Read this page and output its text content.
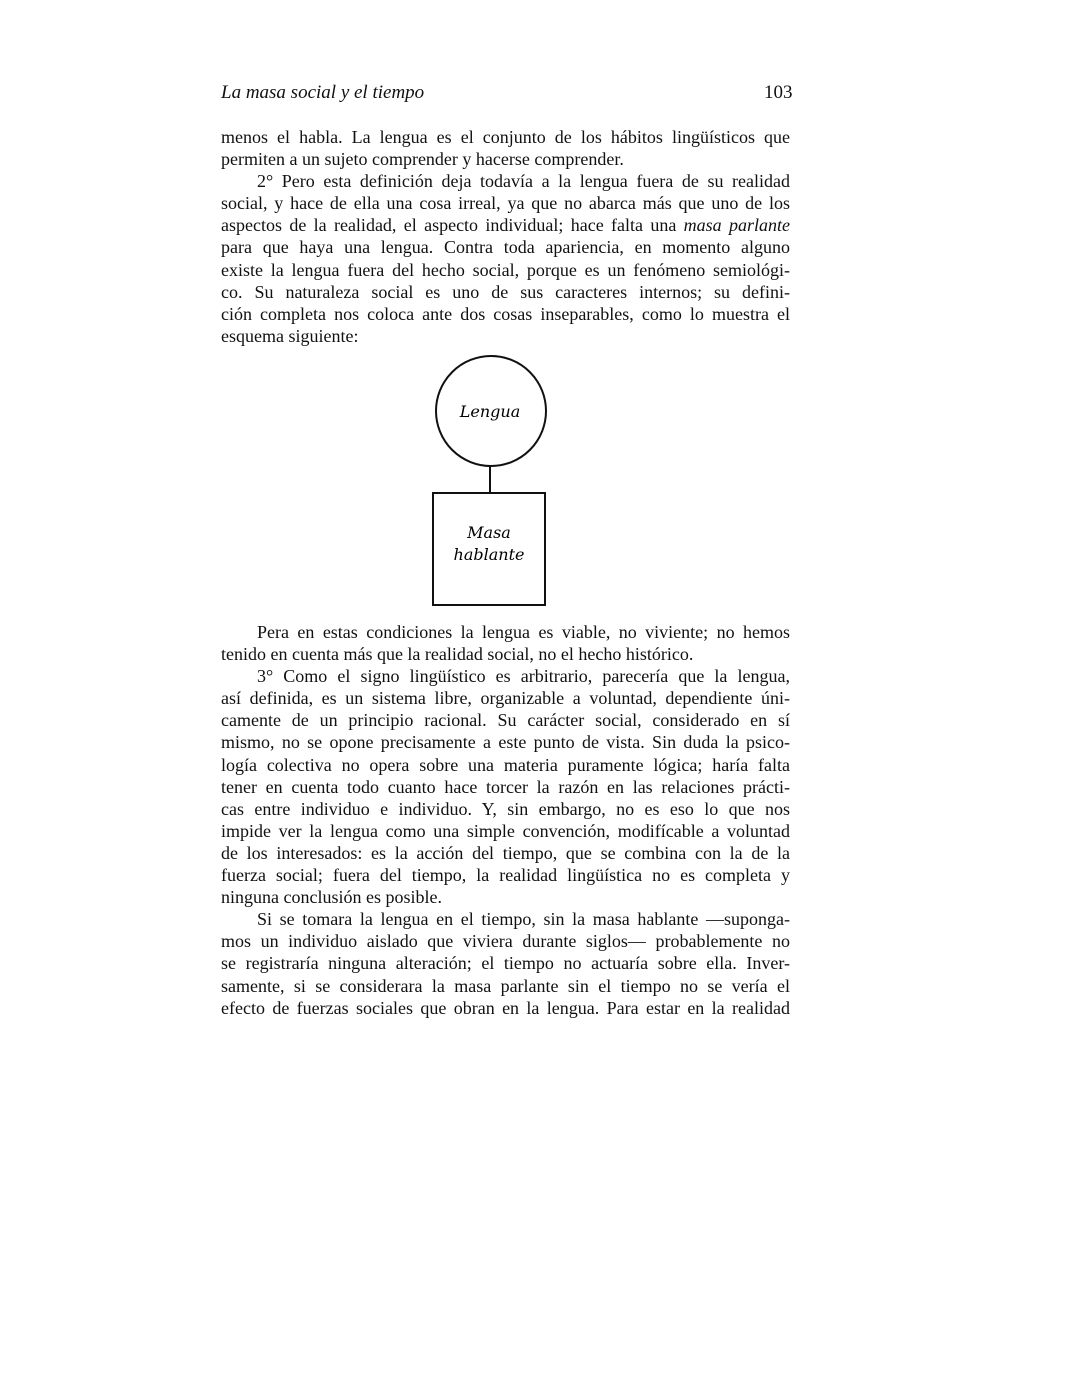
La masa social y el tiempo	103
menos el habla. La lengua es el conjunto de los hábitos lingüísticos que
permiten a un sujeto comprender y hacerse comprender.
2° Pero esta definición deja todavía a la lengua fuera de su realidad
social, y hace de ella una cosa irreal, ya que no abarca más que uno de los
aspectos de la realidad, el aspecto individual; hace falta una masa parlante
para que haya una lengua. Contra toda apariencia, en momento alguno
existe la lengua fuera del hecho social, porque es un fenómeno semiológi-
co. Su naturaleza social es uno de sus caracteres internos; su defini-
ción completa nos coloca ante dos cosas inseparables, como lo muestra el
esquema siguiente:
Lengua
Masa
hablante
Pera en estas condiciones la lengua es viable, no viviente; no hemos
tenido en cuenta más que la realidad social, no el hecho histórico.
3° Como el signo lingüístico es arbitrario, parecería que la lengua,
así definida, es un sistema libre, organizable a voluntad, dependiente úni-
camente de un principio racional. Su carácter social, considerado en sí
mismo, no se opone precisamente a este punto de vista. Sin duda la psico-
logía colectiva no opera sobre una materia puramente lógica; haría falta
tener en cuenta todo cuanto hace torcer la razón en las relaciones prácti-
cas entre individuo e individuo. Y, sin embargo, no es eso lo que nos
impide ver la lengua como una simple convención, modifícable a voluntad
de los interesados: es la acción del tiempo, que se combina con la de la
fuerza social; fuera del tiempo, la realidad lingüística no es completa y
ninguna conclusión es posible.
Si se tomara la lengua en el tiempo, sin la masa hablante —suponga-
mos un individuo aislado que viviera durante siglos— probablemente no
se registraría ninguna alteración; el tiempo no actuaría sobre ella. Inver-
samente, si se considerara la masa parlante sin el tiempo no se vería el
efecto de fuerzas sociales que obran en la lengua. Para estar en la realidad
